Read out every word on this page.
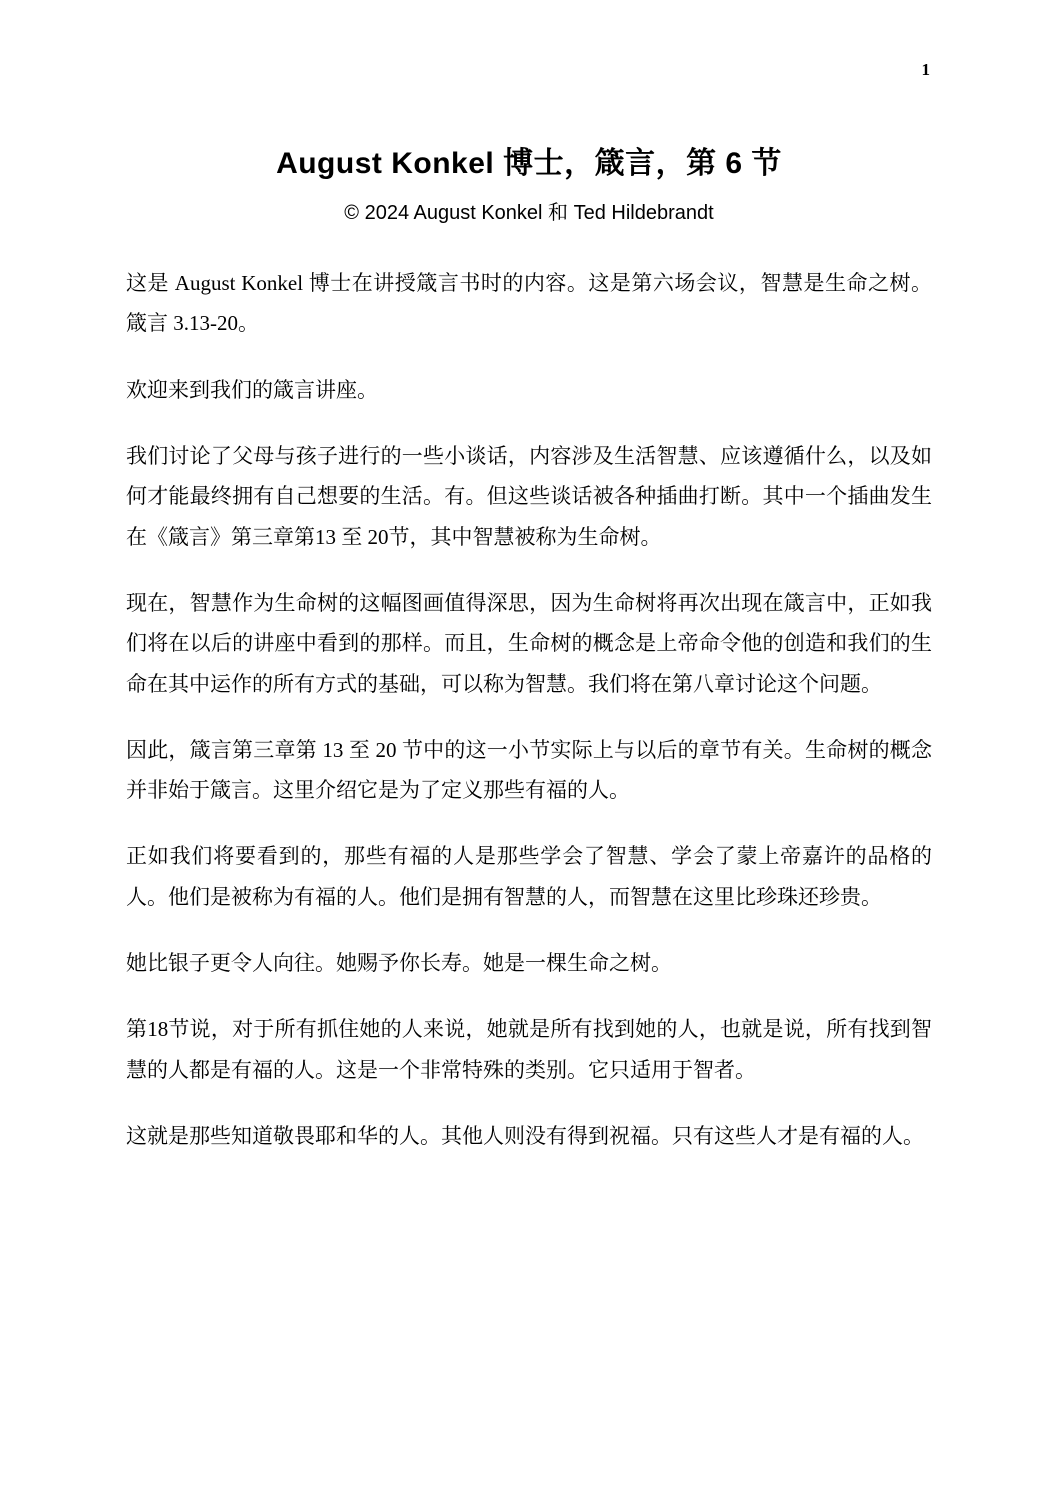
1
August Konkel 博士，箴言，第 6 节

© 2024 August Konkel 和 Ted Hildebrandt

这是 August Konkel 博士在讲授箴言书时的内容。这是第六场会议，智慧是生命之树。箴言 3.13-20。

欢迎来到我们的箴言讲座。

我们讨论了父母与孩子进行的一些小谈话，内容涉及生活智慧、应该遵循什么，以及如何才能最终拥有自己想要的生活。有。但这些谈话被各种插曲打断。其中一个插曲发生在《箴言》第三章第13 至 20节，其中智慧被称为生命树。

现在，智慧作为生命树的这幅图画值得深思，因为生命树将再次出现在箴言中，正如我们将在以后的讲座中看到的那样。而且，生命树的概念是上帝命令他的创造和我们的生命在其中运作的所有方式的基础，可以称为智慧。我们将在第八章讨论这个问题。

因此，箴言第三章第 13 至 20 节中的这一小节实际上与以后的章节有关。生命树的概念并非始于箴言。这里介绍它是为了定义那些有福的人。

正如我们将要看到的，那些有福的人是那些学会了智慧、学会了蒙上帝嘉许的品格的人。他们是被称为有福的人。他们是拥有智慧的人，而智慧在这里比珍珠还珍贵。

她比银子更令人向往。她赐予你长寿。她是一棵生命之树。

第18节说，对于所有抓住她的人来说，她就是所有找到她的人，也就是说，所有找到智慧的人都是有福的人。这是一个非常特殊的类别。它只适用于智者。

这就是那些知道敬畏耶和华的人。其他人则没有得到祝福。只有这些人才是有福的人。
